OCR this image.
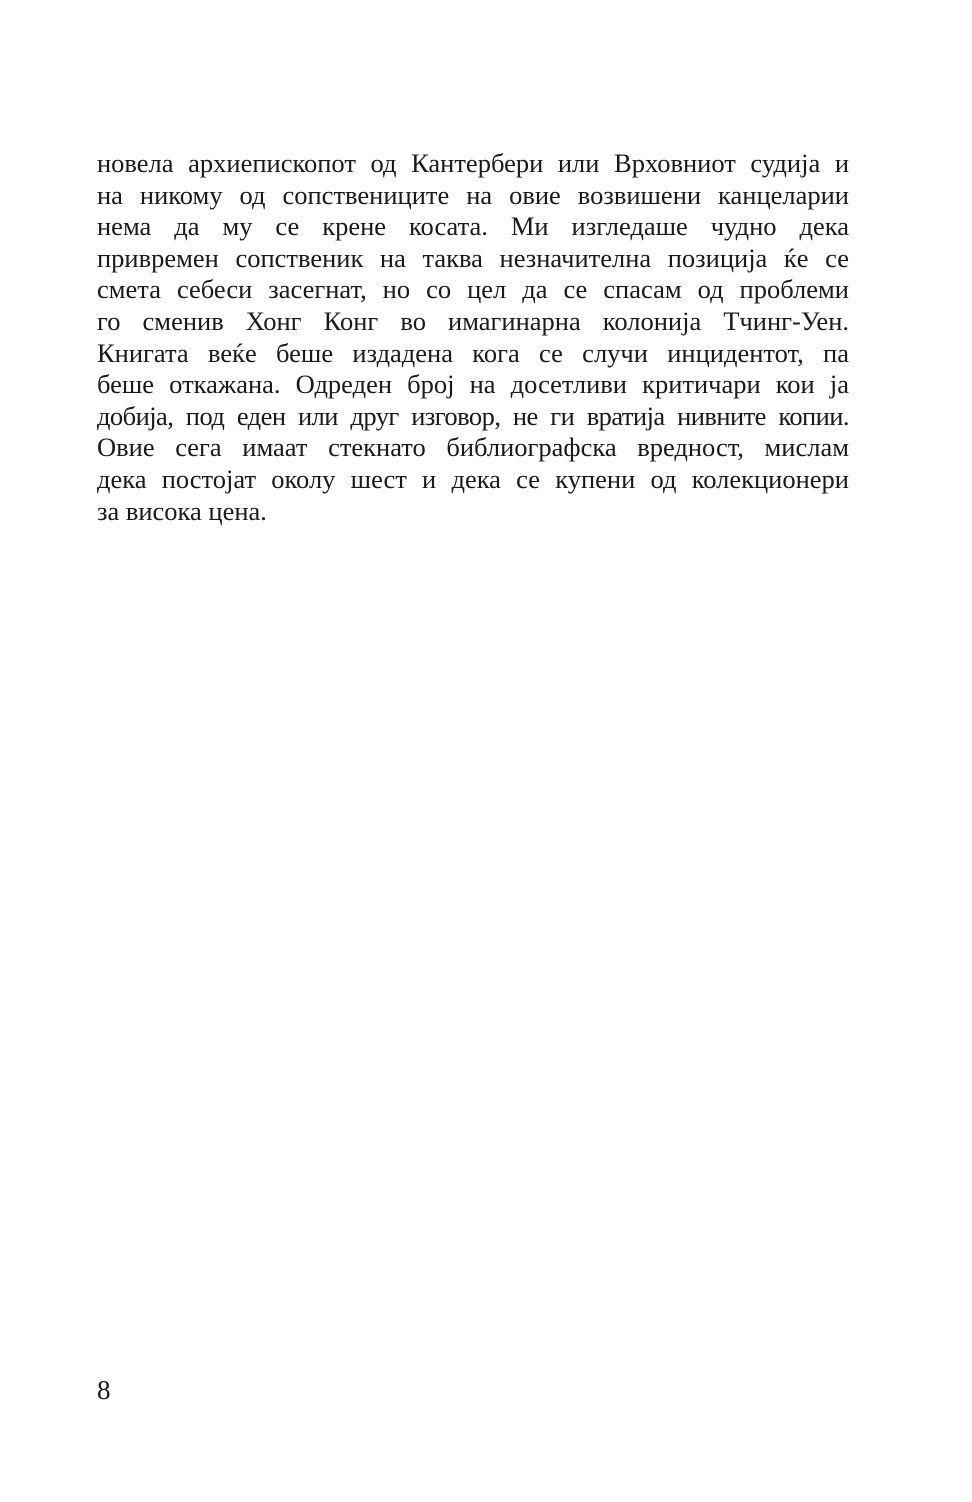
новела архиепископот од Кантербери или Врховниот судија и
на никому од сопствениците на овие возвишени канцеларии
нема да му се крене косата. Ми изгледаше чудно дека
привремен сопственик на таква незначителна позиција ќе се
смета себеси засегнат, но со цел да се спасам од проблеми
го сменив Хонг Конг во имагинарна колонија Тчинг-Уен.
Книгата веќе беше издадена кога се случи инцидентот, па
беше откажана. Одреден број на досетливи критичари кои ја
добија, под еден или друг изговор, не ги вратија нивните копии.
Овие сега имаат стекнато библиографска вредност, мислам
дека постојат околу шест и дека се купени од колекционери
за висока цена.
8
